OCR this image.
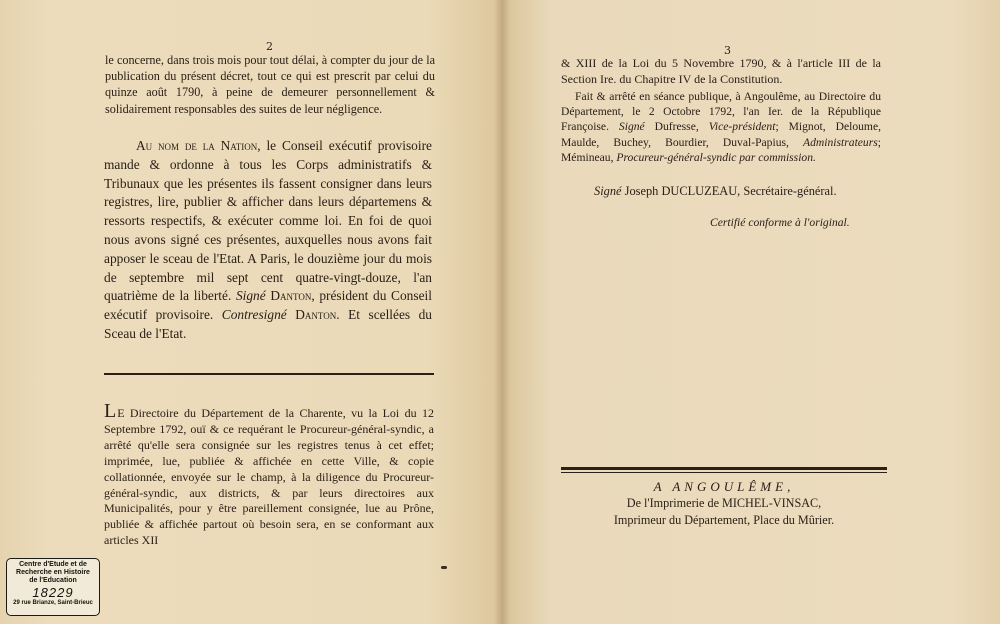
2
le concerne, dans trois mois pour tout délai, à compter du jour de la publication du présent décret, tout ce qui est prescrit par celui du quinze août 1790, à peine de demeurer personnellement & solidairement responsables des suites de leur négligence.
Au nom de la Nation, le Conseil exécutif provisoire mande & ordonne à tous les Corps administratifs & Tribunaux que les présentes ils fassent consigner dans leurs registres, lire, publier & afficher dans leurs départemens & ressorts respectifs, & exécuter comme loi. En foi de quoi nous avons signé ces présentes, auxquelles nous avons fait apposer le sceau de l'Etat. A Paris, le douzième jour du mois de septembre mil sept cent quatre-vingt-douze, l'an quatrième de la liberté. Signé Danton, président du Conseil exécutif provisoire. Contresigné Danton. Et scellées du Sceau de l'Etat.
LE Directoire du Département de la Charente, vu la Loi du 12 Septembre 1792, ouï & ce requérant le Procureur-général-syndic, a arrêté qu'elle sera consignée sur les registres tenus à cet effet; imprimée, lue, publiée & affichée en cette Ville, & copie collationnée, envoyée sur le champ, à la diligence du Procureur-général-syndic, aux districts, & par leurs directoires aux Municipalités, pour y être pareillement consignée, lue au Prône, publiée & affichée partout où besoin sera, en se conformant aux articles XII
Centre d'Etude et de
Recherche en Histoire
de l'Education
18229
29 rue Brianze, Saint-Brieuc
3
& XIII de la Loi du 5 Novembre 1790, & à l'article III de la Section Ire. du Chapitre IV de la Constitution.
Fait & arrêté en séance publique, à Angoulême, au Directoire du Département, le 2 Octobre 1792, l'an Ier. de la République Françoise. Signé Dufresse, Vice-président; Mignot, Deloume, Maulde, Buchey, Bourdier, Duval-Papius, Administrateurs; Mémineau, Procureur-général-syndic par commission.
Signé Joseph DUCLUZEAU, Secrétaire-général.
Certifié conforme à l'original.
A ANGOULÊME,
De l'Imprimerie de MICHEL-VINSAC,
Imprimeur du Département, Place du Mûrier.
